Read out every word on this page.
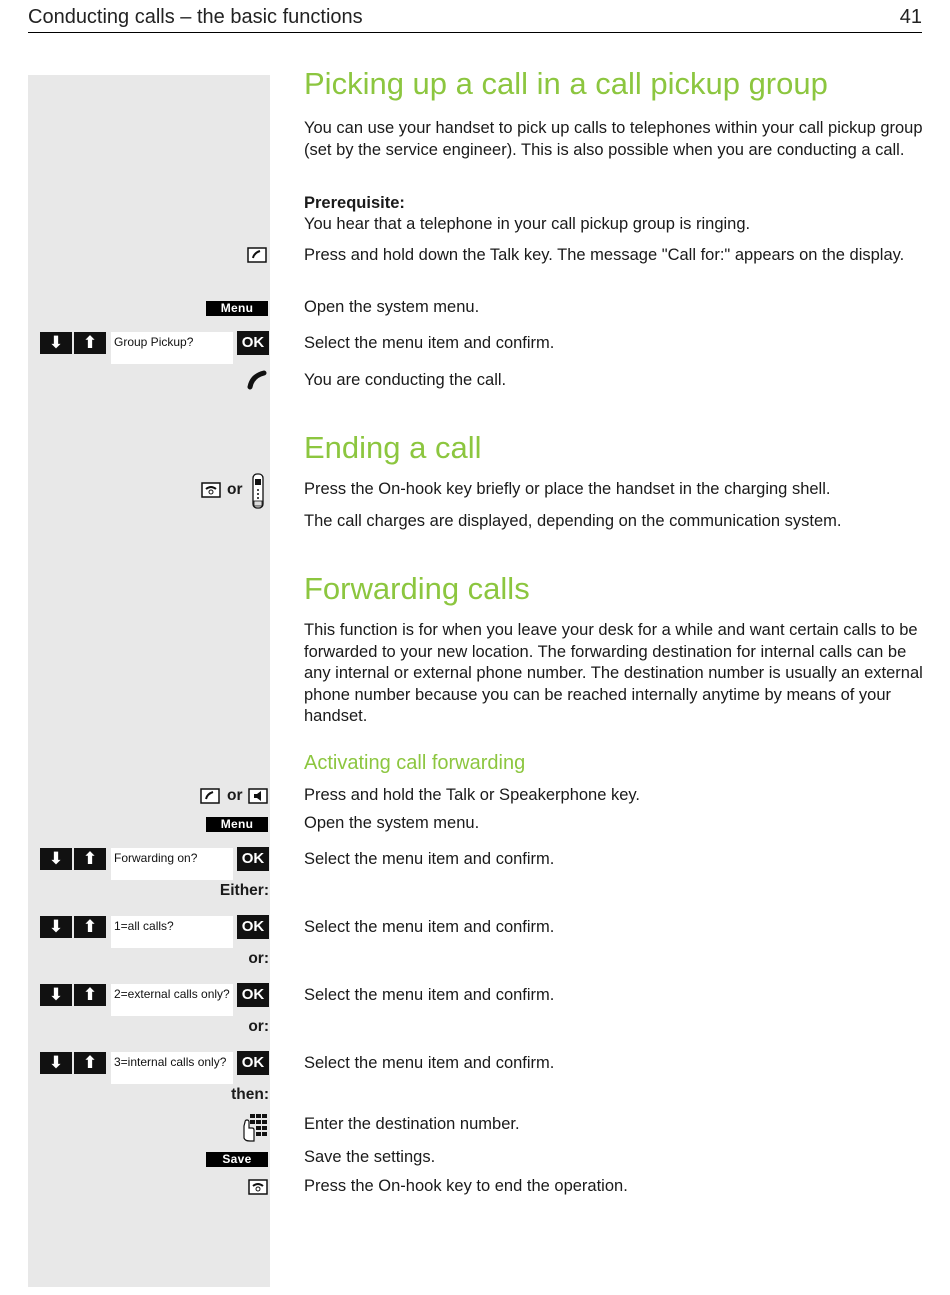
Conducting calls – the basic functions	41
Picking up a call in a call pickup group
You can use your handset to pick up calls to telephones within your call pickup group (set by the service engineer). This is also possible when you are conducting a call.
Prerequisite:
You hear that a telephone in your call pickup group is ringing.
Press and hold down the Talk key. The message "Call for:" appears on the display.
Menu	Open the system menu.
⬇	⬆	Group Pickup?	OK Select the menu item and confirm.
You are conducting the call.
Ending a call
or	Press the On-hook key briefly or place the handset in the charging shell.
The call charges are displayed, depending on the communication system.
Forwarding calls
This function is for when you leave your desk for a while and want certain calls to be forwarded to your new location. The forwarding destination for internal calls can be any internal or external phone number. The destination number is usually an external phone number because you can be reached internally anytime by means of your handset.
Activating call forwarding
or	Press and hold the Talk or Speakerphone key.
Menu	Open the system menu.
⬇	⬆	Forwarding on?	OK Select the menu item and confirm.
Either:
⬇	⬆	1=all calls?	OK Select the menu item and confirm.
or:
⬇	⬆	2=external calls only? OK Select the menu item and confirm.
or:
⬇	⬆	3=internal calls only?	OK Select the menu item and confirm.
then:
Enter the destination number.
Save	Save the settings.
Press the On-hook key to end the operation.
